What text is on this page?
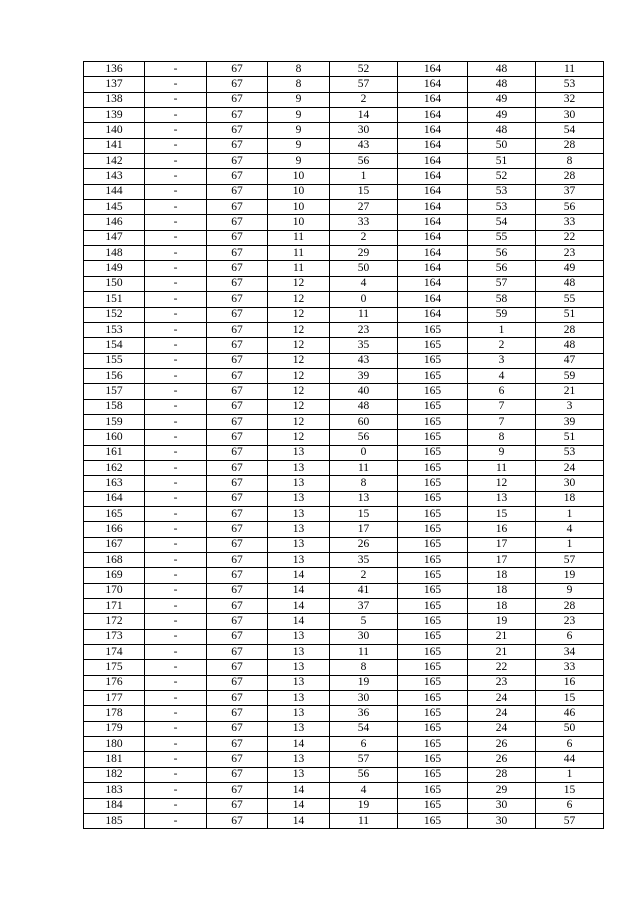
136	-	67	8	52	164	48	11
137	-	67	8	57	164	48	53
138	-	67	9	2	164	49	32
139	-	67	9	14	164	49	30
140	-	67	9	30	164	48	54
141	-	67	9	43	164	50	28
142	-	67	9	56	164	51	8
143	-	67	10	1	164	52	28
144	-	67	10	15	164	53	37
145	-	67	10	27	164	53	56
146	-	67	10	33	164	54	33
147	-	67	11	2	164	55	22
148	-	67	11	29	164	56	23
149	-	67	11	50	164	56	49
150	-	67	12	4	164	57	48
151	-	67	12	0	164	58	55
152	-	67	12	11	164	59	51
153	-	67	12	23	165	1	28
154	-	67	12	35	165	2	48
155	-	67	12	43	165	3	47
156	-	67	12	39	165	4	59
157	-	67	12	40	165	6	21
158	-	67	12	48	165	7	3
159	-	67	12	60	165	7	39
160	-	67	12	56	165	8	51
161	-	67	13	0	165	9	53
162	-	67	13	11	165	11	24
163	-	67	13	8	165	12	30
164	-	67	13	13	165	13	18
165	-	67	13	15	165	15	1
166	-	67	13	17	165	16	4
167	-	67	13	26	165	17	1
168	-	67	13	35	165	17	57
169	-	67	14	2	165	18	19
170	-	67	14	41	165	18	9
171	-	67	14	37	165	18	28
172	-	67	14	5	165	19	23
173	-	67	13	30	165	21	6
174	-	67	13	11	165	21	34
175	-	67	13	8	165	22	33
176	-	67	13	19	165	23	16
177	-	67	13	30	165	24	15
178	-	67	13	36	165	24	46
179	-	67	13	54	165	24	50
180	-	67	14	6	165	26	6
181	-	67	13	57	165	26	44
182	-	67	13	56	165	28	1
183	-	67	14	4	165	29	15
184	-	67	14	19	165	30	6
185	-	67	14	11	165	30	57
